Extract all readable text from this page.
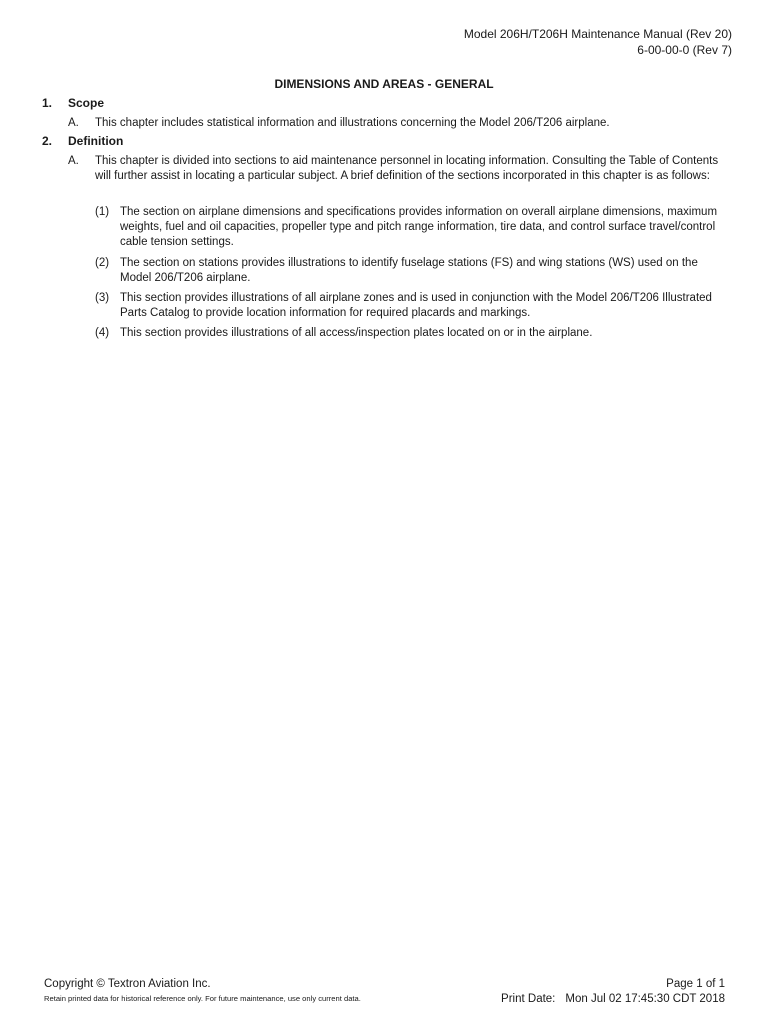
Model 206H/T206H Maintenance Manual (Rev 20)
6-00-00-0 (Rev 7)
DIMENSIONS AND AREAS - GENERAL
1.	Scope
A.	This chapter includes statistical information and illustrations concerning the Model 206/T206 airplane.
2.	Definition
A.	This chapter is divided into sections to aid maintenance personnel in locating information. Consulting the Table of Contents will further assist in locating a particular subject. A brief definition of the sections incorporated in this chapter is as follows:
(1) The section on airplane dimensions and specifications provides information on overall airplane dimensions, maximum weights, fuel and oil capacities, propeller type and pitch range information, tire data, and control surface travel/control cable tension settings.
(2) The section on stations provides illustrations to identify fuselage stations (FS) and wing stations (WS) used on the Model 206/T206 airplane.
(3) This section provides illustrations of all airplane zones and is used in conjunction with the Model 206/T206 Illustrated Parts Catalog to provide location information for required placards and markings.
(4) This section provides illustrations of all access/inspection plates located on or in the airplane.
Copyright © Textron Aviation Inc.
Retain printed data for historical reference only. For future maintenance, use only current data.
Page 1 of 1
Print Date: Mon Jul 02 17:45:30 CDT 2018
